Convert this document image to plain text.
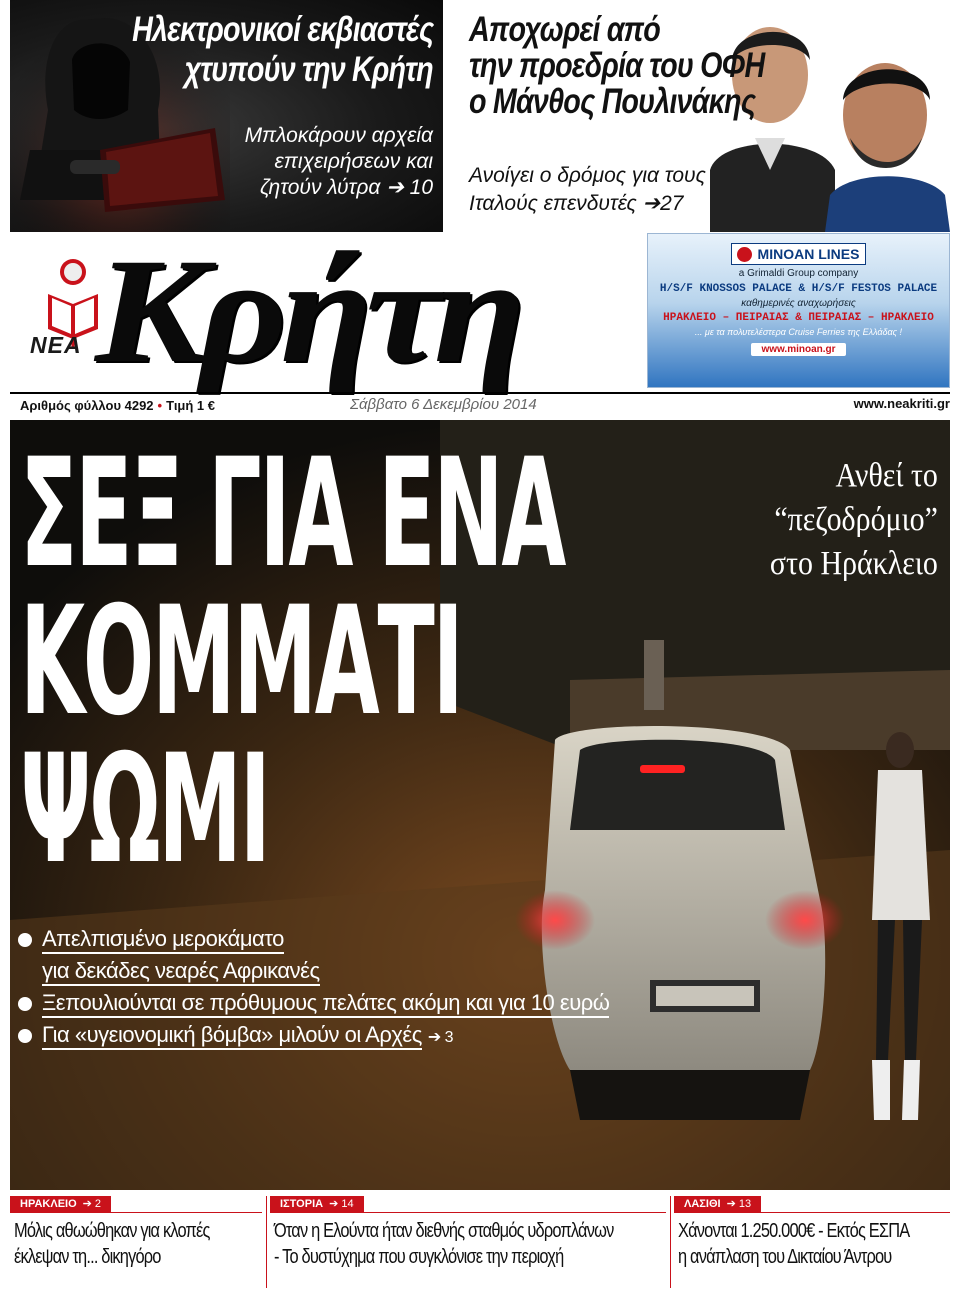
Ηλεκτρονικοί εκβιαστές
χτυπούν την Κρήτη
Μπλοκάρουν αρχεία
επιχειρήσεων και
ζητούν λύτρα ➔ 10
Αποχωρεί από
την προεδρία του ΟΦΗ
ο Μάνθος Πουλινάκης
Ανοίγει ο δρόμος για τους
Ιταλούς επενδυτές ➔27
ΝΕΑ Κρήτη	MINOAN LINES
a Grimaldi Group company
H/S/F KNOSSOS PALACE & H/S/F FESTOS PALACE
καθημερινές αναχωρήσεις
ΗΡΑΚΛΕΙΟ – ΠΕΙΡΑΙΑΣ & ΠΕΙΡΑΙΑΣ – ΗΡΑΚΛΕΙΟ
... με τα πολυτελέστερα Cruise Ferries της Ελλάδας !
www.minoan.gr
Αριθμός φύλλου 4292 • Τιμή 1 €	Σάββατο 6 Δεκεμβρίου 2014	www.neakriti.gr
ΣΕΞ ΓΙΑ ΕΝΑ
ΚΟΜΜΑΤΙ
ΨΩΜΙ
Ανθεί το
“πεζοδρόμιο”
στο Ηράκλειο
Απελπισμένο μεροκάματο
για δεκάδες νεαρές Αφρικανές
Ξεπουλιούνται σε πρόθυμους πελάτες ακόμη και για 10 ευρώ
Για «υγειονομική βόμβα» μιλούν οι Αρχές ➔ 3
ΗΡΑΚΛΕΙΟ ➔ 2
Μόλις αθωώθηκαν για κλοπές
έκλεψαν τη... δικηγόρο
ΙΣΤΟΡΙΑ ➔ 14
Όταν η Ελούντα ήταν διεθνής σταθμός υδροπλάνων
- Το δυστύχημα που συγκλόνισε την περιοχή
ΛΑΣΙΘΙ ➔ 13
Χάνονται 1.250.000€ - Εκτός ΕΣΠΑ
η ανάπλαση του Δικταίου Άντρου
